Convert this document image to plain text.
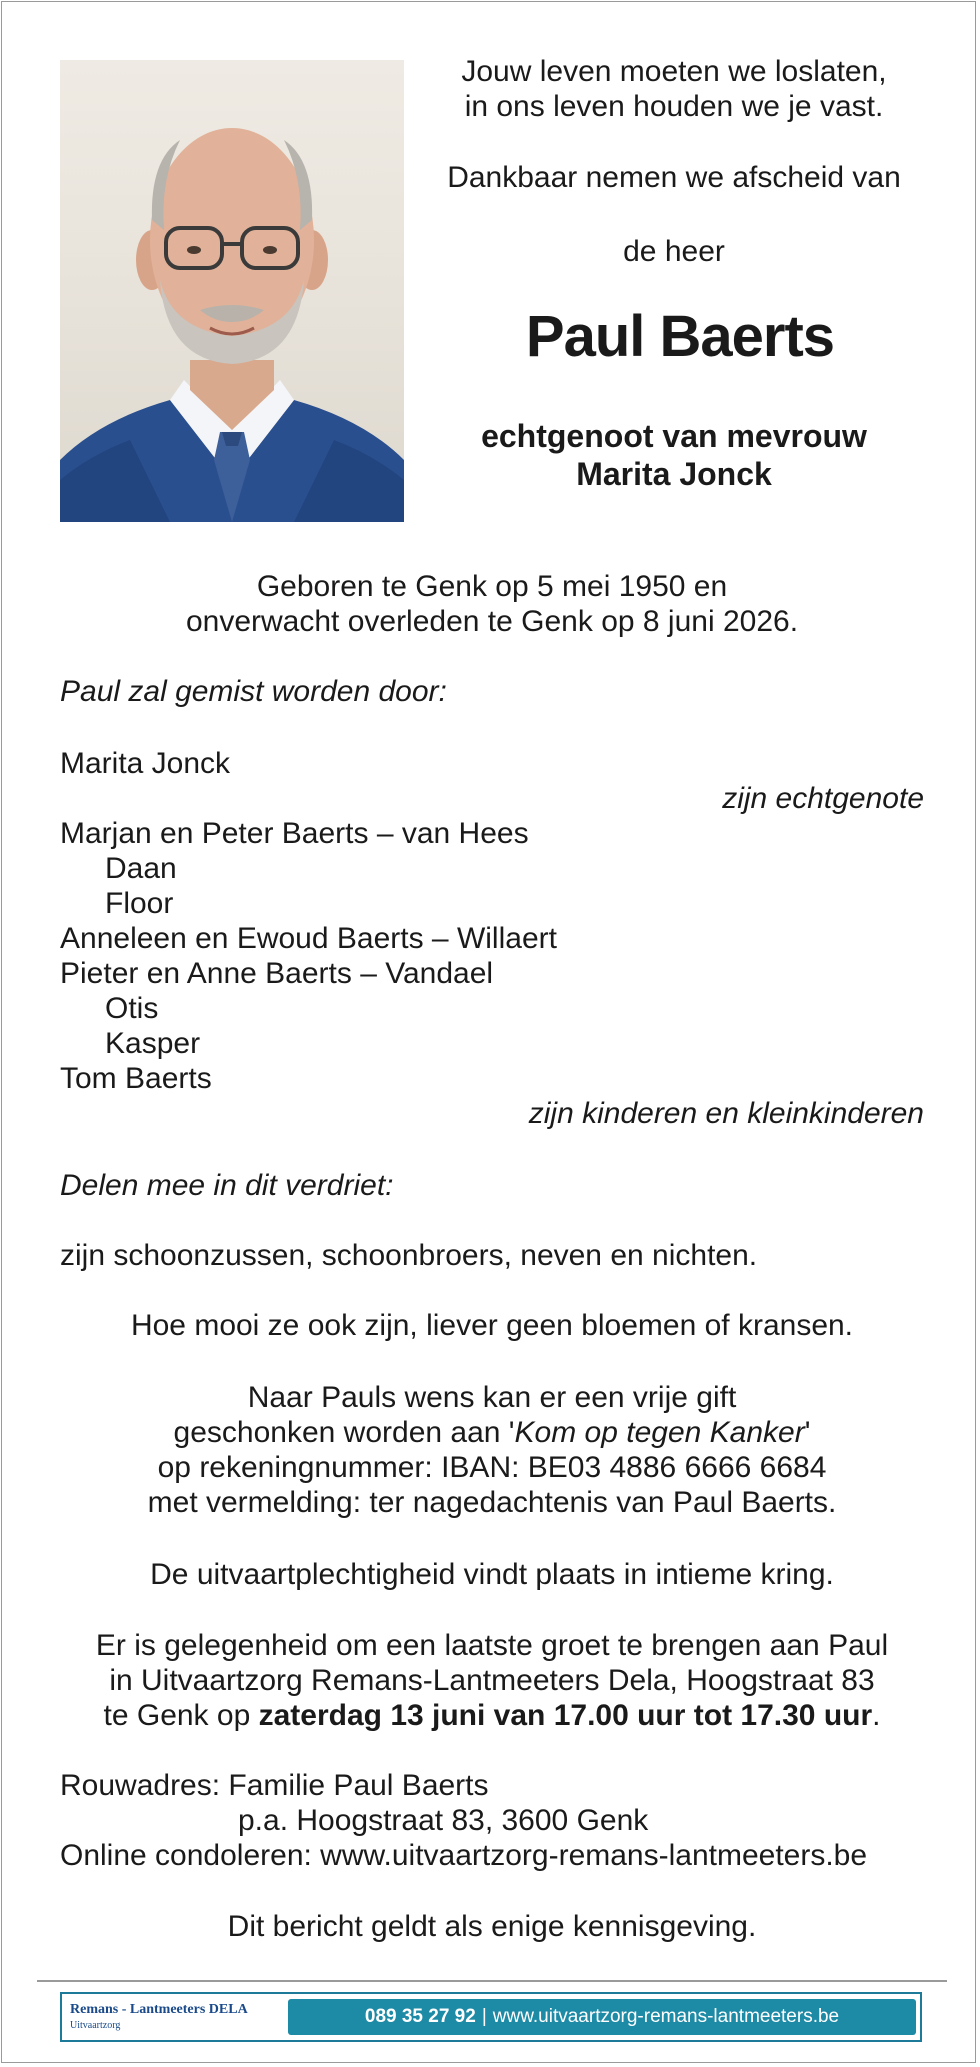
Jouw leven moeten we loslaten,
in ons leven houden we je vast.
Dankbaar nemen we afscheid van
de heer
Paul Baerts
echtgenoot van mevrouw
Marita Jonck
Geboren te Genk op 5 mei 1950 en
onverwacht overleden te Genk op 8 juni 2026.
Paul zal gemist worden door:
Marita Jonck
zijn echtgenote
Marjan en Peter Baerts – van Hees
Daan
Floor
Anneleen en Ewoud Baerts – Willaert
Pieter en Anne Baerts – Vandael
Otis
Kasper
Tom Baerts
zijn kinderen en kleinkinderen
Delen mee in dit verdriet:
zijn schoonzussen, schoonbroers, neven en nichten.
Hoe mooi ze ook zijn, liever geen bloemen of kransen.
Naar Pauls wens kan er een vrije gift
geschonken worden aan 'Kom op tegen Kanker'
op rekeningnummer: IBAN: BE03 4886 6666 6684
met vermelding: ter nagedachtenis van Paul Baerts.
De uitvaartplechtigheid vindt plaats in intieme kring.
Er is gelegenheid om een laatste groet te brengen aan Paul
in Uitvaartzorg Remans-Lantmeeters Dela, Hoogstraat 83
te Genk op zaterdag 13 juni van 17.00 uur tot 17.30 uur.
Rouwadres: Familie Paul Baerts
p.a. Hoogstraat 83, 3600 Genk
Online condoleren: www.uitvaartzorg-remans-lantmeeters.be
Dit bericht geldt als enige kennisgeving.
Remans - Lantmeeters DELA
Uitvaartzorg	089 35 27 92 | www.uitvaartzorg-remans-lantmeeters.be
